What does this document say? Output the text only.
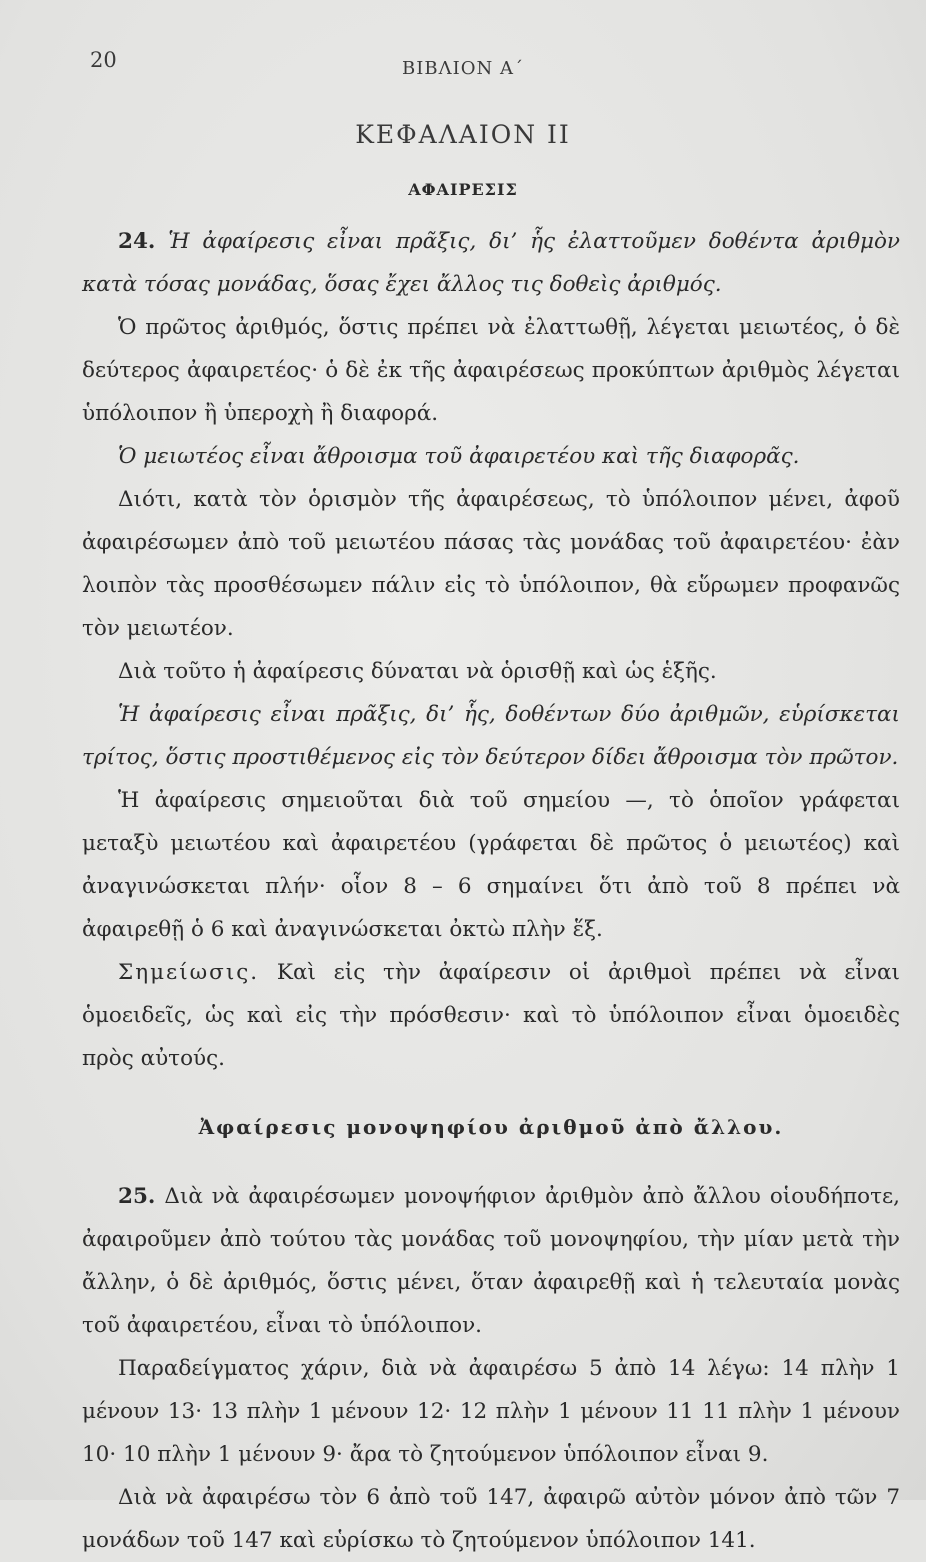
20	ΒΙΒΛΙΟΝ Α΄
ΚΕΦΑΛΑΙΟΝ ΙΙ
ΑΦΑΙΡΕΣΙΣ

24. Ἡ ἀφαίρεσις εἶναι πρᾶξις, δι’ ἧς ἐλαττοῦμεν δοθέντα ἀριθμὸν κατὰ τόσας μονάδας, ὅσας ἔχει ἄλλος τις δοθεὶς ἀριθμός.

Ὁ πρῶτος ἀριθμός, ὅστις πρέπει νὰ ἐλαττωθῇ, λέγεται μειωτέος, ὁ δὲ δεύτερος ἀφαιρετέος· ὁ δὲ ἐκ τῆς ἀφαιρέσεως προκύπτων ἀριθμὸς λέγεται ὑπόλοιπον ἢ ὑπεροχὴ ἢ διαφορά.

Ὁ μειωτέος εἶναι ἄθροισμα τοῦ ἀφαιρετέου καὶ τῆς διαφορᾶς.

Διότι, κατὰ τὸν ὁρισμὸν τῆς ἀφαιρέσεως, τὸ ὑπόλοιπον μένει, ἀφοῦ ἀφαιρέσωμεν ἀπὸ τοῦ μειωτέου πάσας τὰς μονάδας τοῦ ἀφαιρετέου· ἐὰν λοιπὸν τὰς προσθέσωμεν πάλιν εἰς τὸ ὑπόλοιπον, θὰ εὕρωμεν προφανῶς τὸν μειωτέον.

Διὰ τοῦτο ἡ ἀφαίρεσις δύναται νὰ ὁρισθῇ καὶ ὡς ἑξῆς.

Ἡ ἀφαίρεσις εἶναι πρᾶξις, δι’ ἧς, δοθέντων δύο ἀριθμῶν, εὑρίσκεται τρίτος, ὅστις προστιθέμενος εἰς τὸν δεύτερον δίδει ἄθροισμα τὸν πρῶτον.

Ἡ ἀφαίρεσις σημειοῦται διὰ τοῦ σημείου —, τὸ ὁποῖον γράφεται μεταξὺ μειωτέου καὶ ἀφαιρετέου (γράφεται δὲ πρῶτος ὁ μειωτέος) καὶ ἀναγινώσκεται πλήν· οἷον 8 – 6 σημαίνει ὅτι ἀπὸ τοῦ 8 πρέπει νὰ ἀφαιρεθῇ ὁ 6 καὶ ἀναγινώσκεται ὀκτὼ πλὴν ἕξ.

Σημείωσις. Καὶ εἰς τὴν ἀφαίρεσιν οἱ ἀριθμοὶ πρέπει νὰ εἶναι ὁμοειδεῖς, ὡς καὶ εἰς τὴν πρόσθεσιν· καὶ τὸ ὑπόλοιπον εἶναι ὁμοειδὲς πρὸς αὐτούς.

Ἀφαίρεσις μονοψηφίου ἀριθμοῦ ἀπὸ ἄλλου.

25. Διὰ νὰ ἀφαιρέσωμεν μονοψήφιον ἀριθμὸν ἀπὸ ἄλλου οἱουδήποτε, ἀφαιροῦμεν ἀπὸ τούτου τὰς μονάδας τοῦ μονοψηφίου, τὴν μίαν μετὰ τὴν ἄλλην, ὁ δὲ ἀριθμός, ὅστις μένει, ὅταν ἀφαιρεθῇ καὶ ἡ τελευταία μονὰς τοῦ ἀφαιρετέου, εἶναι τὸ ὑπόλοιπον.

Παραδείγματος χάριν, διὰ νὰ ἀφαιρέσω 5 ἀπὸ 14 λέγω: 14 πλὴν 1 μένουν 13· 13 πλὴν 1 μένουν 12· 12 πλὴν 1 μένουν 11 11 πλὴν 1 μένουν 10· 10 πλὴν 1 μένουν 9· ἄρα τὸ ζητούμενον ὑπόλοιπον εἶναι 9.

Διὰ νὰ ἀφαιρέσω τὸν 6 ἀπὸ τοῦ 147, ἀφαιρῶ αὐτὸν μόνον ἀπὸ τῶν 7 μονάδων τοῦ 147 καὶ εὑρίσκω τὸ ζητούμενον ὑπόλοιπον 141.
